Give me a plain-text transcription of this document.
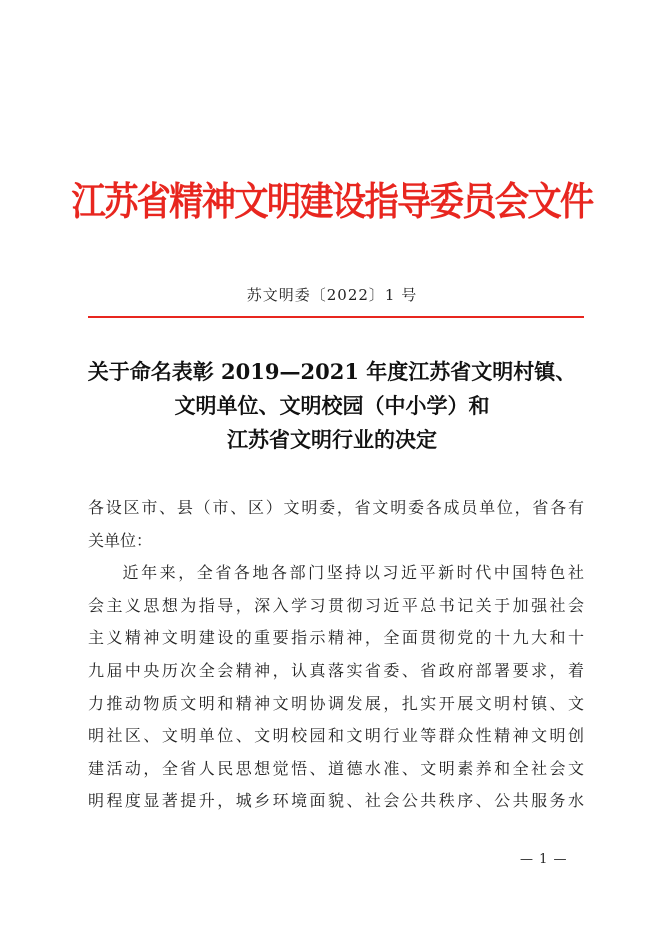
江苏省精神文明建设指导委员会文件
苏文明委〔2022〕1 号
关于命名表彰 2019—2021 年度江苏省文明村镇、
文明单位、文明校园（中小学）和
江苏省文明行业的决定

各设区市、县（市、区）文明委，省文明委各成员单位，省各有

关单位：

近年来，全省各地各部门坚持以习近平新时代中国特色社

会主义思想为指导，深入学习贯彻习近平总书记关于加强社会

主义精神文明建设的重要指示精神，全面贯彻党的十九大和十

九届中央历次全会精神，认真落实省委、省政府部署要求，着

力推动物质文明和精神文明协调发展，扎实开展文明村镇、文

明社区、文明单位、文明校园和文明行业等群众性精神文明创

建活动，全省人民思想觉悟、道德水准、文明素养和全社会文

明程度显著提升，城乡环境面貌、社会公共秩序、公共服务水

— 1 —
